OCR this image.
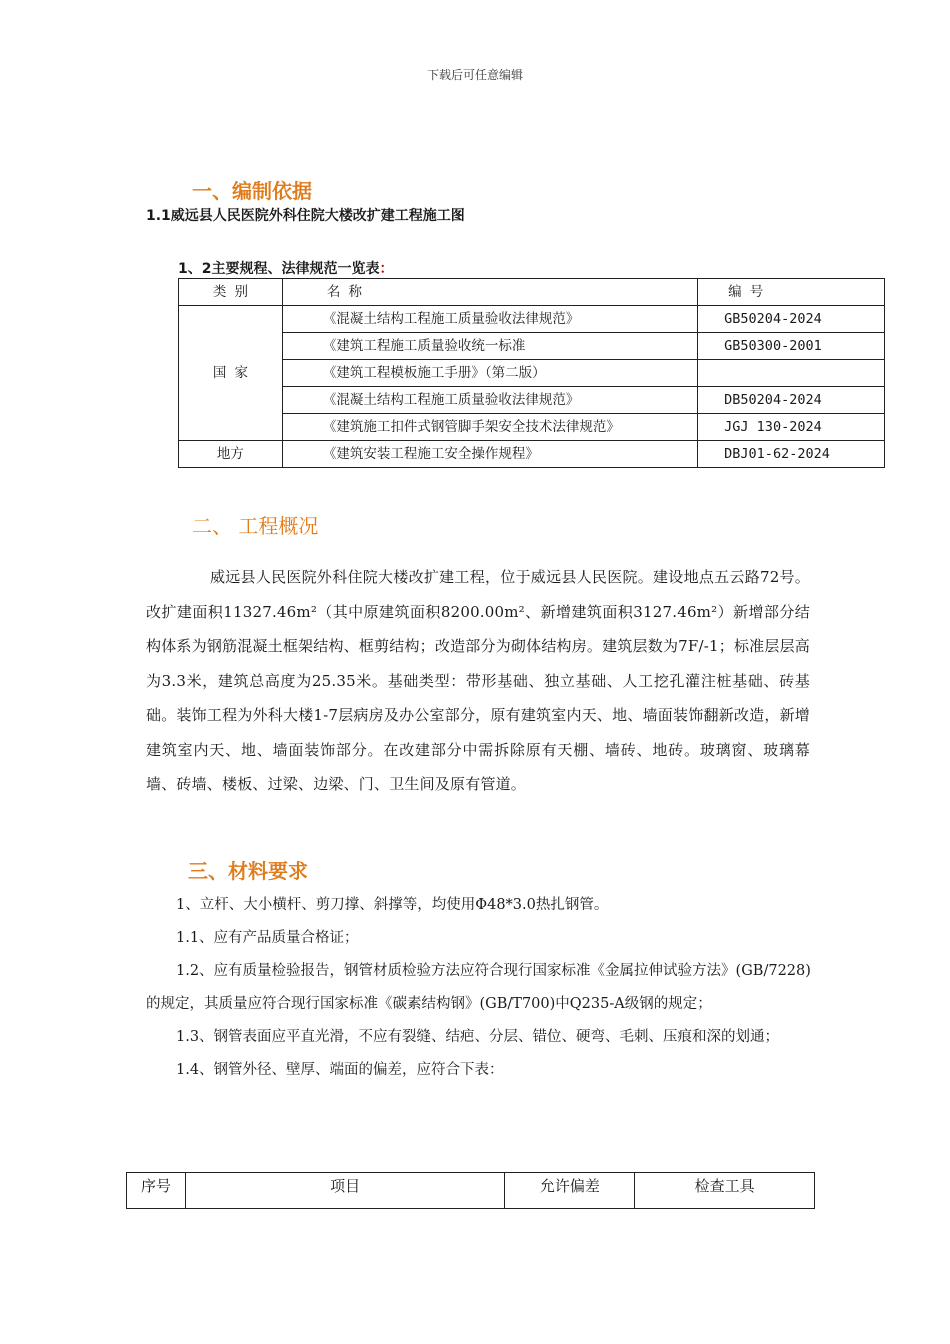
下载后可任意编辑
一、编制依据
1.1威远县人民医院外科住院大楼改扩建工程施工图
1、2主要规程、法律规范一览表：
类 别	名 称	编 号
国 家	《混凝土结构工程施工质量验收法律规范》	GB50204-2024
	《建筑工程施工质量验收统一标准	GB50300-2001
	《建筑工程模板施工手册》（第二版）	
	《混凝土结构工程施工质量验收法律规范》	DB50204-2024
	《建筑施工扣件式钢管脚手架安全技术法律规范》	JGJ 130-2024
地方	《建筑安装工程施工安全操作规程》	DBJ01-62-2024
二、 工程概况

威远县人民医院外科住院大楼改扩建工程，位于威远县人民医院。建设地点五云路72号。改扩建面积11327.46m²（其中原建筑面积8200.00m²、新增建筑面积3127.46m²）新增部分结构体系为钢筋混凝土框架结构、框剪结构；改造部分为砌体结构房。建筑层数为7F/-1；标准层层高为3.3米，建筑总高度为25.35米。基础类型：带形基础、独立基础、人工挖孔灌注桩基础、砖基础。装饰工程为外科大楼1-7层病房及办公室部分，原有建筑室内天、地、墙面装饰翻新改造，新增建筑室内天、地、墙面装饰部分。在改建部分中需拆除原有天棚、墙砖、地砖。玻璃窗、玻璃幕墙、砖墙、楼板、过梁、边梁、门、卫生间及原有管道。

三、材料要求

1、立杆、大小横杆、剪刀撑、斜撑等，均使用Φ48*3.0热扎钢管。

1.1、应有产品质量合格证；

1.2、应有质量检验报告，钢管材质检验方法应符合现行国家标准《金属拉伸试验方法》(GB/7228)的规定，其质量应符合现行国家标准《碳素结构钢》(GB/T700)中Q235-A级钢的规定；

1.3、钢管表面应平直光滑，不应有裂缝、结疤、分层、错位、硬弯、毛刺、压痕和深的划通；

1.4、钢管外径、壁厚、端面的偏差，应符合下表：

序号	项目	允许偏差	检查工具
